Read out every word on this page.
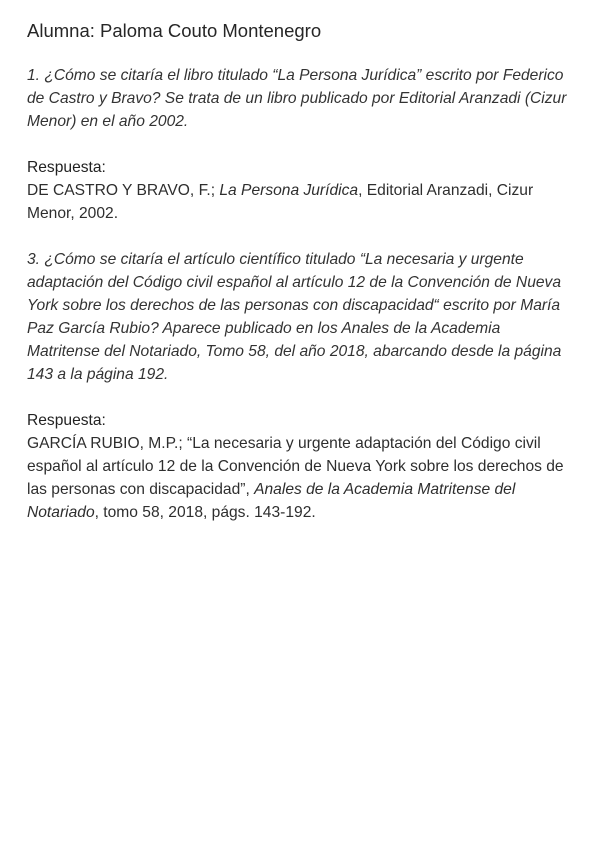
Alumna: Paloma Couto Montenegro

1. ¿Cómo se citaría el libro titulado “La Persona Jurídica” escrito por Federico de Castro y Bravo? Se trata de un libro publicado por Editorial Aranzadi (Cizur Menor) en el año 2002.

Respuesta:

DE CASTRO Y BRAVO, F.; La Persona Jurídica, Editorial Aranzadi, Cizur Menor, 2002.

3. ¿Cómo se citaría el artículo científico titulado “La necesaria y urgente adaptación del Código civil español al artículo 12 de la Convención de Nueva York sobre los derechos de las personas con discapacidad“ escrito por María Paz García Rubio? Aparece publicado en los Anales de la Academia Matritense del Notariado, Tomo 58, del año 2018, abarcando desde la página 143 a la página 192.

Respuesta:

GARCÍA RUBIO, M.P.; “La necesaria y urgente adaptación del Código civil español al artículo 12 de la Convención de Nueva York sobre los derechos de las personas con discapacidad”, Anales de la Academia Matritense del Notariado, tomo 58, 2018, págs. 143-192.
